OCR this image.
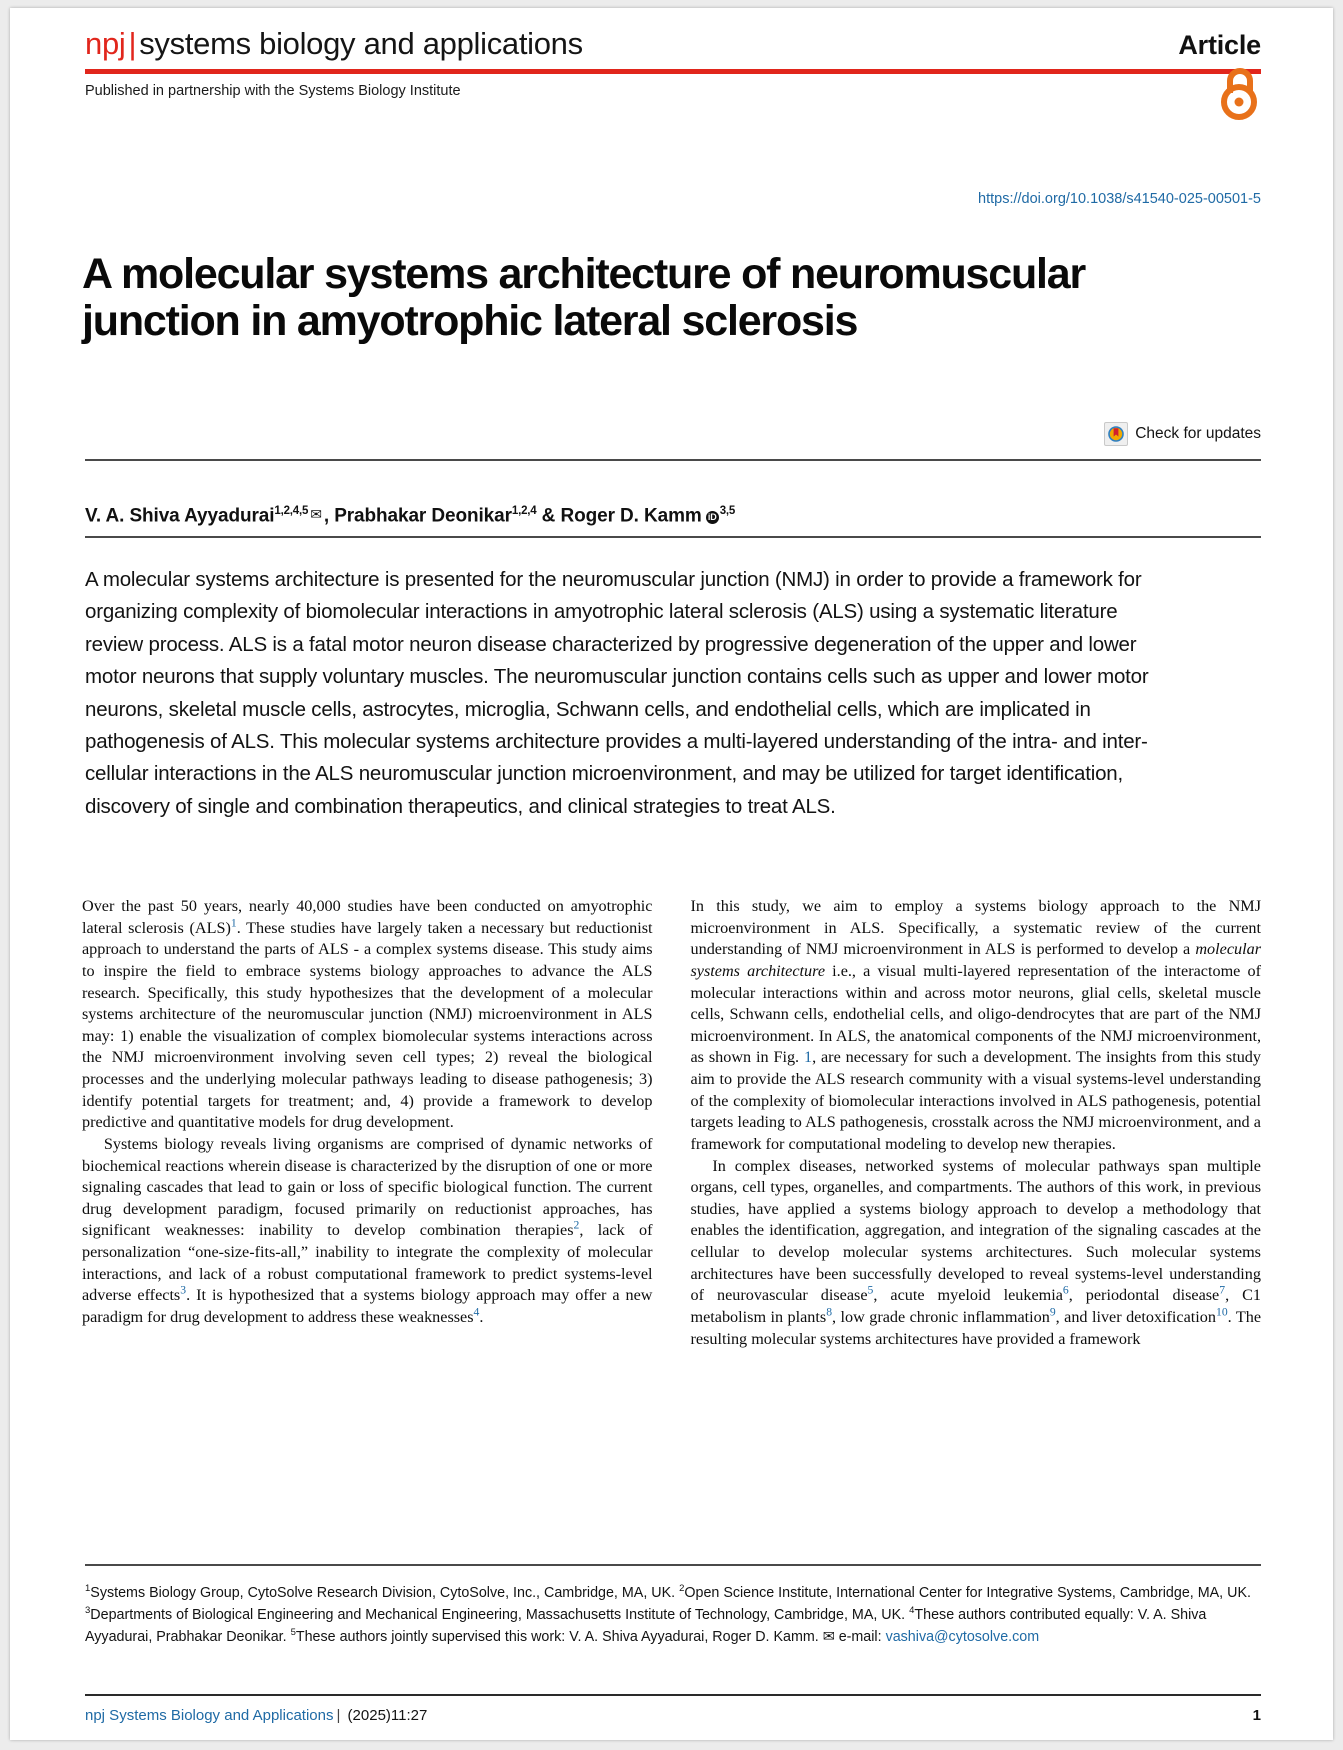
npj|systems biology and applications	Article
Published in partnership with the Systems Biology Institute
https://doi.org/10.1038/s41540-025-00501-5
A molecular systems architecture of neuromuscular junction in amyotrophic lateral sclerosis
Check for updates
V. A. Shiva Ayyadurai$^{1,2,4,5}$ ✉ , Prabhakar Deonikar$^{1,2,4}$ & Roger D. Kamm iD$^{3,5}$
A molecular systems architecture is presented for the neuromuscular junction (NMJ) in order to provide a framework for organizing complexity of biomolecular interactions in amyotrophic lateral sclerosis (ALS) using a systematic literature review process. ALS is a fatal motor neuron disease characterized by progressive degeneration of the upper and lower motor neurons that supply voluntary muscles. The neuromuscular junction contains cells such as upper and lower motor neurons, skeletal muscle cells, astrocytes, microglia, Schwann cells, and endothelial cells, which are implicated in pathogenesis of ALS. This molecular systems architecture provides a multi-layered understanding of the intra- and inter-cellular interactions in the ALS neuromuscular junction microenvironment, and may be utilized for target identification, discovery of single and combination therapeutics, and clinical strategies to treat ALS.

Over the past 50 years, nearly 40,000 studies have been conducted on amyotrophic lateral sclerosis (ALS)$^1$. These studies have largely taken a necessary but reductionist approach to understand the parts of ALS - a complex systems disease. This study aims to inspire the field to embrace systems biology approaches to advance the ALS research. Specifically, this study hypothesizes that the development of a molecular systems architecture of the neuromuscular junction (NMJ) microenvironment in ALS may: 1) enable the visualization of complex biomolecular systems interactions across the NMJ microenvironment involving seven cell types; 2) reveal the biological processes and the underlying molecular pathways leading to disease pathogenesis; 3) identify potential targets for treatment; and, 4) provide a framework to develop predictive and quantitative models for drug development.

Systems biology reveals living organisms are comprised of dynamic networks of biochemical reactions wherein disease is characterized by the disruption of one or more signaling cascades that lead to gain or loss of specific biological function. The current drug development paradigm, focused primarily on reductionist approaches, has significant weaknesses: inability to develop combination therapies$^2$, lack of personalization “one-size-fits-all,” inability to integrate the complexity of molecular interactions, and lack of a robust computational framework to predict systems-level adverse effects$^3$. It is hypothesized that a systems biology approach may offer a new paradigm for drug development to address these weaknesses$^4$.

In this study, we aim to employ a systems biology approach to the NMJ microenvironment in ALS. Specifically, a systematic review of the current understanding of NMJ microenvironment in ALS is performed to develop a molecular systems architecture i.e., a visual multi-layered representation of the interactome of molecular interactions within and across motor neurons, glial cells, skeletal muscle cells, Schwann cells, endothelial cells, and oligo-dendrocytes that are part of the NMJ microenvironment. In ALS, the anatomical components of the NMJ microenvironment, as shown in Fig. 1, are necessary for such a development. The insights from this study aim to provide the ALS research community with a visual systems-level understanding of the complexity of biomolecular interactions involved in ALS pathogenesis, potential targets leading to ALS pathogenesis, crosstalk across the NMJ microenvironment, and a framework for computational modeling to develop new therapies.

In complex diseases, networked systems of molecular pathways span multiple organs, cell types, organelles, and compartments. The authors of this work, in previous studies, have applied a systems biology approach to develop a methodology that enables the identification, aggregation, and integration of the signaling cascades at the cellular to develop molecular systems architectures. Such molecular systems architectures have been successfully developed to reveal systems-level understanding of neurovascular disease$^5$, acute myeloid leukemia$^6$, periodontal disease$^7$, C1 metabolism in plants$^8$, low grade chronic inflammation$^9$, and liver detoxification$^{10}$. The resulting molecular systems architectures have provided a framework

$^1$Systems Biology Group, CytoSolve Research Division, CytoSolve, Inc., Cambridge, MA, UK. $^2$Open Science Institute, International Center for Integrative Systems, Cambridge, MA, UK. $^3$Departments of Biological Engineering and Mechanical Engineering, Massachusetts Institute of Technology, Cambridge, MA, UK. $^4$These authors contributed equally: V. A. Shiva Ayyadurai, Prabhakar Deonikar. $^5$These authors jointly supervised this work: V. A. Shiva Ayyadurai, Roger D. Kamm. ✉ e-mail: vashiva@cytosolve.com
npj Systems Biology and Applications | (2025)11:27	1
